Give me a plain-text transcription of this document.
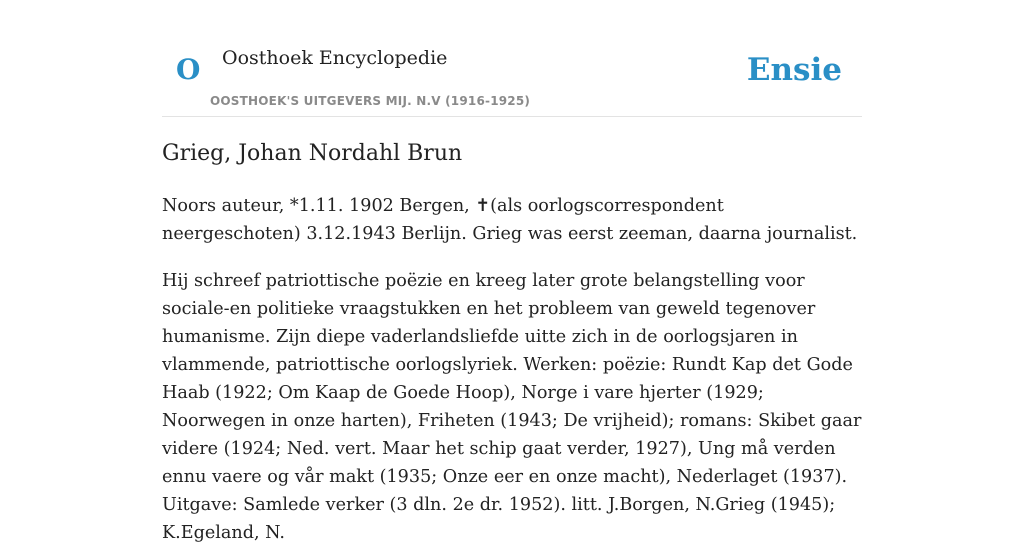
O Oosthoek Encyclopedie
OOSTHOEK'S UITGEVERS MIJ. N.V (1916-1925)
Ensie
Grieg, Johan Nordahl Brun

Noors auteur, *1.11. 1902 Bergen, ✝(als oorlogscorrespondent neergeschoten) 3.12.1943 Berlijn. Grieg was eerst zeeman, daarna journalist.

Hij schreef patriottische poëzie en kreeg later grote belangstelling voor sociale-en politieke vraagstukken en het probleem van geweld tegenover humanisme. Zijn diepe vaderlandsliefde uitte zich in de oorlogsjaren in vlammende, patriottische oorlogslyriek. Werken: poëzie: Rundt Kap det Gode Haab (1922; Om Kaap de Goede Hoop), Norge i vare hjerter (1929; Noorwegen in onze harten), Friheten (1943; De vrijheid); romans: Skibet gaar videre (1924; Ned. vert. Maar het schip gaat verder, 1927), Ung må verden ennu vaere og vår makt (1935; Onze eer en onze macht), Nederlaget (1937). Uitgave: Samlede verker (3 dln. 2e dr. 1952). litt. J.Borgen, N.Grieg (1945); K.Egeland, N.
